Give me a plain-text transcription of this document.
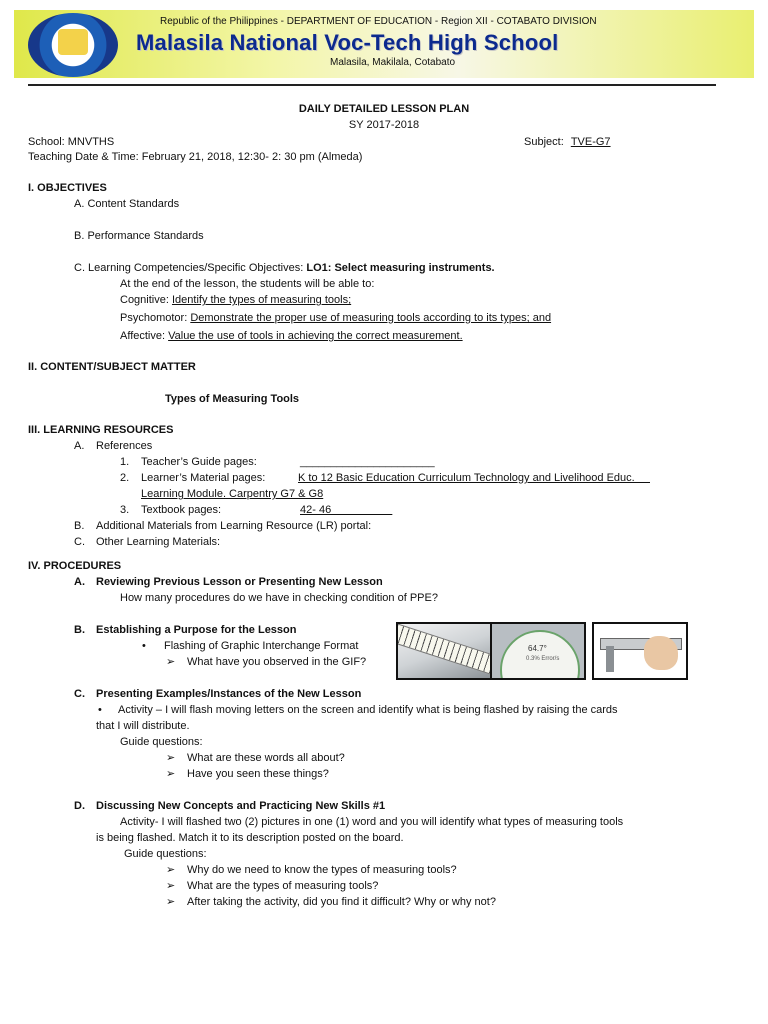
1995
Republic of the Philippines - DEPARTMENT OF EDUCATION - Region XII - COTABATO DIVISION
Malasila National Voc-Tech High School
Malasila, Makilala, Cotabato
DAILY DETAILED LESSON PLAN
SY 2017-2018
School: MNVTHS	Subject: TVE-G7
Teaching Date & Time: February 21, 2018, 12:30- 2: 30 pm (Almeda)
I. OBJECTIVES
A. Content Standards
B. Performance Standards
C. Learning Competencies/Specific Objectives: LO1: Select measuring instruments.
At the end of the lesson, the students will be able to:
Cognitive: Identify the types of measuring tools;
Psychomotor: Demonstrate the proper use of measuring tools according to its types; and
Affective: Value the use of tools in achieving the correct measurement.
II. CONTENT/SUBJECT MATTER
Types of Measuring Tools
III. LEARNING RESOURCES
A. References
1. Teacher’s Guide pages:	______________________
2. Learner’s Material pages:	K to 12 Basic Education Curriculum Technology and Livelihood Educ.
Learning Module. Carpentry G7 & G8
3. Textbook pages:	42- 46
B. Additional Materials from Learning Resource (LR) portal:
C. Other Learning Materials:
IV. PROCEDURES
A. Reviewing Previous Lesson or Presenting New Lesson
How many procedures do we have in checking condition of PPE?
B. Establishing a Purpose for the Lesson
• Flashing of Graphic Interchange Format
➢ What have you observed in the GIF?
64.7°
0.3% Error/s
C. Presenting Examples/Instances of the New Lesson
• Activity – I will flash moving letters on the screen and identify what is being flashed by raising the cards
that I will distribute.
Guide questions:
➢ What are these words all about?
➢ Have you seen these things?
D. Discussing New Concepts and Practicing New Skills #1
Activity- I will flashed two (2) pictures in one (1) word and you will identify what types of measuring tools
is being flashed. Match it to its description posted on the board.
Guide questions:
➢ Why do we need to know the types of measuring tools?
➢ What are the types of measuring tools?
➢ After taking the activity, did you find it difficult? Why or why not?
